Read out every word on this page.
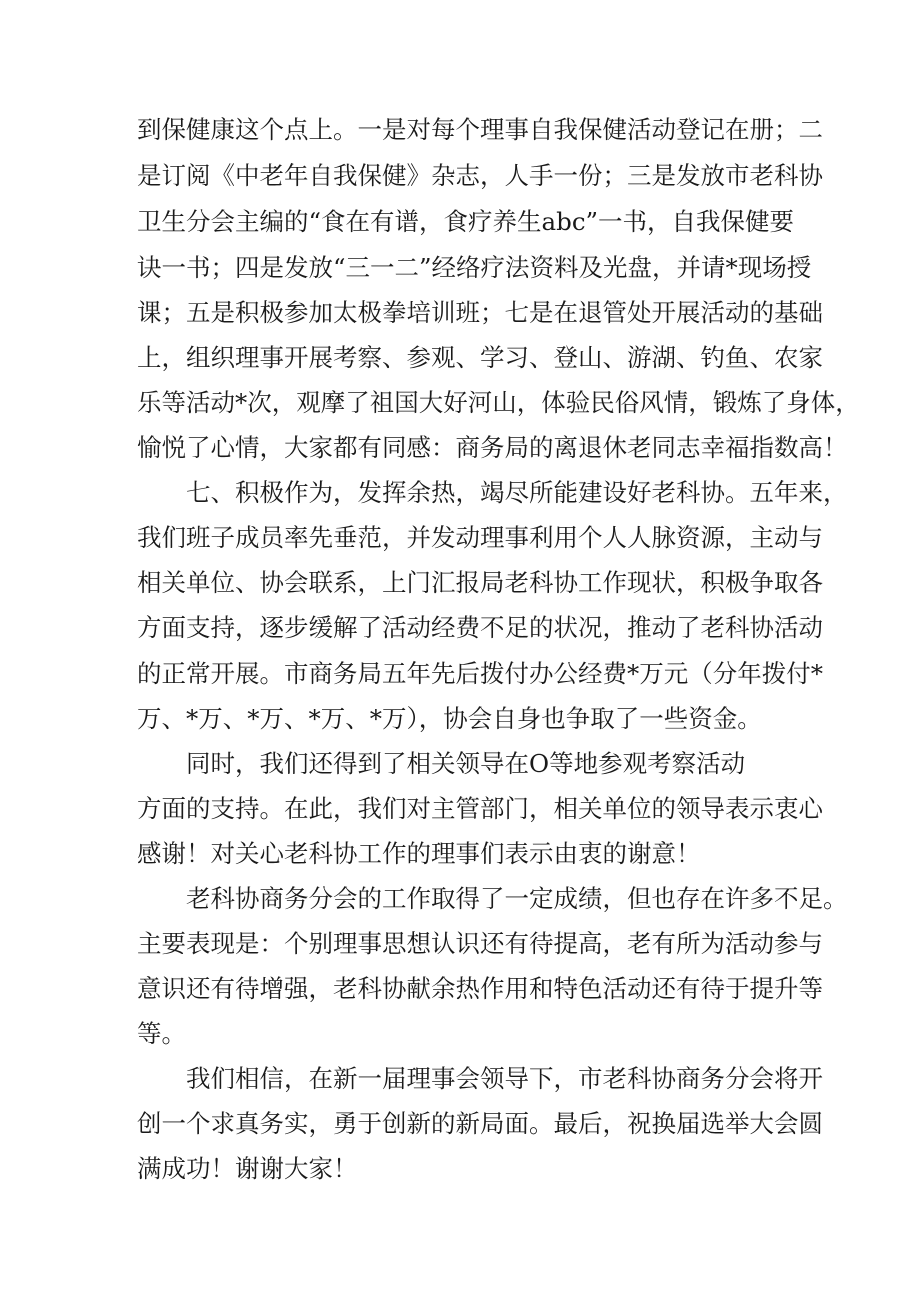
到保健康这个点上。一是对每个理事自我保健活动登记在册；二
是订阅《中老年自我保健》杂志，人手一份；三是发放市老科协
卫生分会主编的“食在有谱，食疗养生abc”一书，自我保健要
诀一书；四是发放“三一二”经络疗法资料及光盘，并请*现场授
课；五是积极参加太极拳培训班；七是在退管处开展活动的基础
上，组织理事开展考察、参观、学习、登山、游湖、钓鱼、农家
乐等活动*次，观摩了祖国大好河山，体验民俗风情，锻炼了身体，
愉悦了心情，大家都有同感：商务局的离退休老同志幸福指数高！
七、积极作为，发挥余热，竭尽所能建设好老科协。五年来，
我们班子成员率先垂范，并发动理事利用个人人脉资源，主动与
相关单位、协会联系，上门汇报局老科协工作现状，积极争取各
方面支持，逐步缓解了活动经费不足的状况，推动了老科协活动
的正常开展。市商务局五年先后拨付办公经费*万元（分年拨付*
万、*万、*万、*万、*万），协会自身也争取了一些资金。
同时，我们还得到了相关领导在O等地参观考察活动
方面的支持。在此，我们对主管部门，相关单位的领导表示衷心
感谢！对关心老科协工作的理事们表示由衷的谢意！
老科协商务分会的工作取得了一定成绩，但也存在许多不足。
主要表现是：个别理事思想认识还有待提高，老有所为活动参与
意识还有待增强，老科协献余热作用和特色活动还有待于提升等
等。
我们相信，在新一届理事会领导下，市老科协商务分会将开
创一个求真务实，勇于创新的新局面。最后，祝换届选举大会圆
满成功！谢谢大家！
